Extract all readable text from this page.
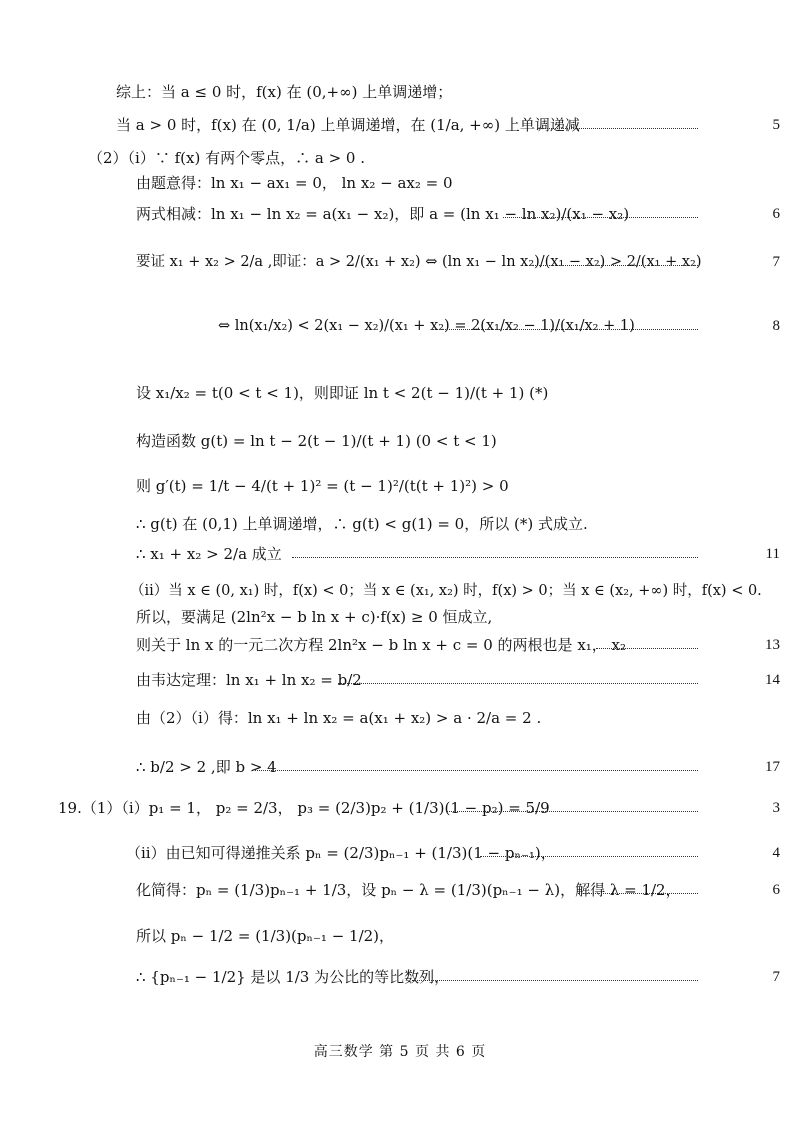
综上：当 a ≤ 0 时，f(x) 在 (0,+∞) 上单调递增；
当 a > 0 时，f(x) 在 (0, 1/a) 上单调递增，在 (1/a, +∞) 上单调递减	5
（2）（i）∵ f(x) 有两个零点，∴ a > 0 .
由题意得：ln x₁ − ax₁ = 0， ln x₂ − ax₂ = 0
两式相减：ln x₁ − ln x₂ = a(x₁ − x₂)，即 a = (ln x₁ − ln x₂)/(x₁ − x₂)	6
要证 x₁ + x₂ > 2/a ,即证：a > 2/(x₁ + x₂) ⇔ (ln x₁ − ln x₂)/(x₁ − x₂) > 2/(x₁ + x₂)	7
⇔ ln(x₁/x₂) < 2(x₁ − x₂)/(x₁ + x₂) = 2(x₁/x₂ − 1)/(x₁/x₂ + 1)	8
设 x₁/x₂ = t(0 < t < 1)，则即证 ln t < 2(t − 1)/(t + 1) (*)
构造函数 g(t) = ln t − 2(t − 1)/(t + 1) (0 < t < 1)
则 g′(t) = 1/t − 4/(t + 1)² = (t − 1)²/(t(t + 1)²) > 0
∴ g(t) 在 (0,1) 上单调递增，∴ g(t) < g(1) = 0，所以 (*) 式成立.
∴ x₁ + x₂ > 2/a 成立	11
（ii）当 x ∈ (0, x₁) 时，f(x) < 0；当 x ∈ (x₁, x₂) 时，f(x) > 0；当 x ∈ (x₂, +∞) 时，f(x) < 0.
所以，要满足 (2ln²x − b ln x + c)·f(x) ≥ 0 恒成立,
则关于 ln x 的一元二次方程 2ln²x − b ln x + c = 0 的两根也是 x₁， x₂	13
由韦达定理：ln x₁ + ln x₂ = b/2	14
由（2）（i）得：ln x₁ + ln x₂ = a(x₁ + x₂) > a · 2/a = 2 .
∴ b/2 > 2 ,即 b > 4	17
19.（1）（i）p₁ = 1， p₂ = 2/3， p₃ = (2/3)p₂ + (1/3)(1 − p₂) = 5/9	3
（ii）由已知可得递推关系 pₙ = (2/3)pₙ₋₁ + (1/3)(1 − pₙ₋₁)，	4
化简得：pₙ = (1/3)pₙ₋₁ + 1/3，设 pₙ − λ = (1/3)(pₙ₋₁ − λ)，解得 λ = 1/2，	6
所以 pₙ − 1/2 = (1/3)(pₙ₋₁ − 1/2)，
∴ {pₙ₋₁ − 1/2} 是以 1/3 为公比的等比数列，	7
高三数学 第 5 页 共 6 页
